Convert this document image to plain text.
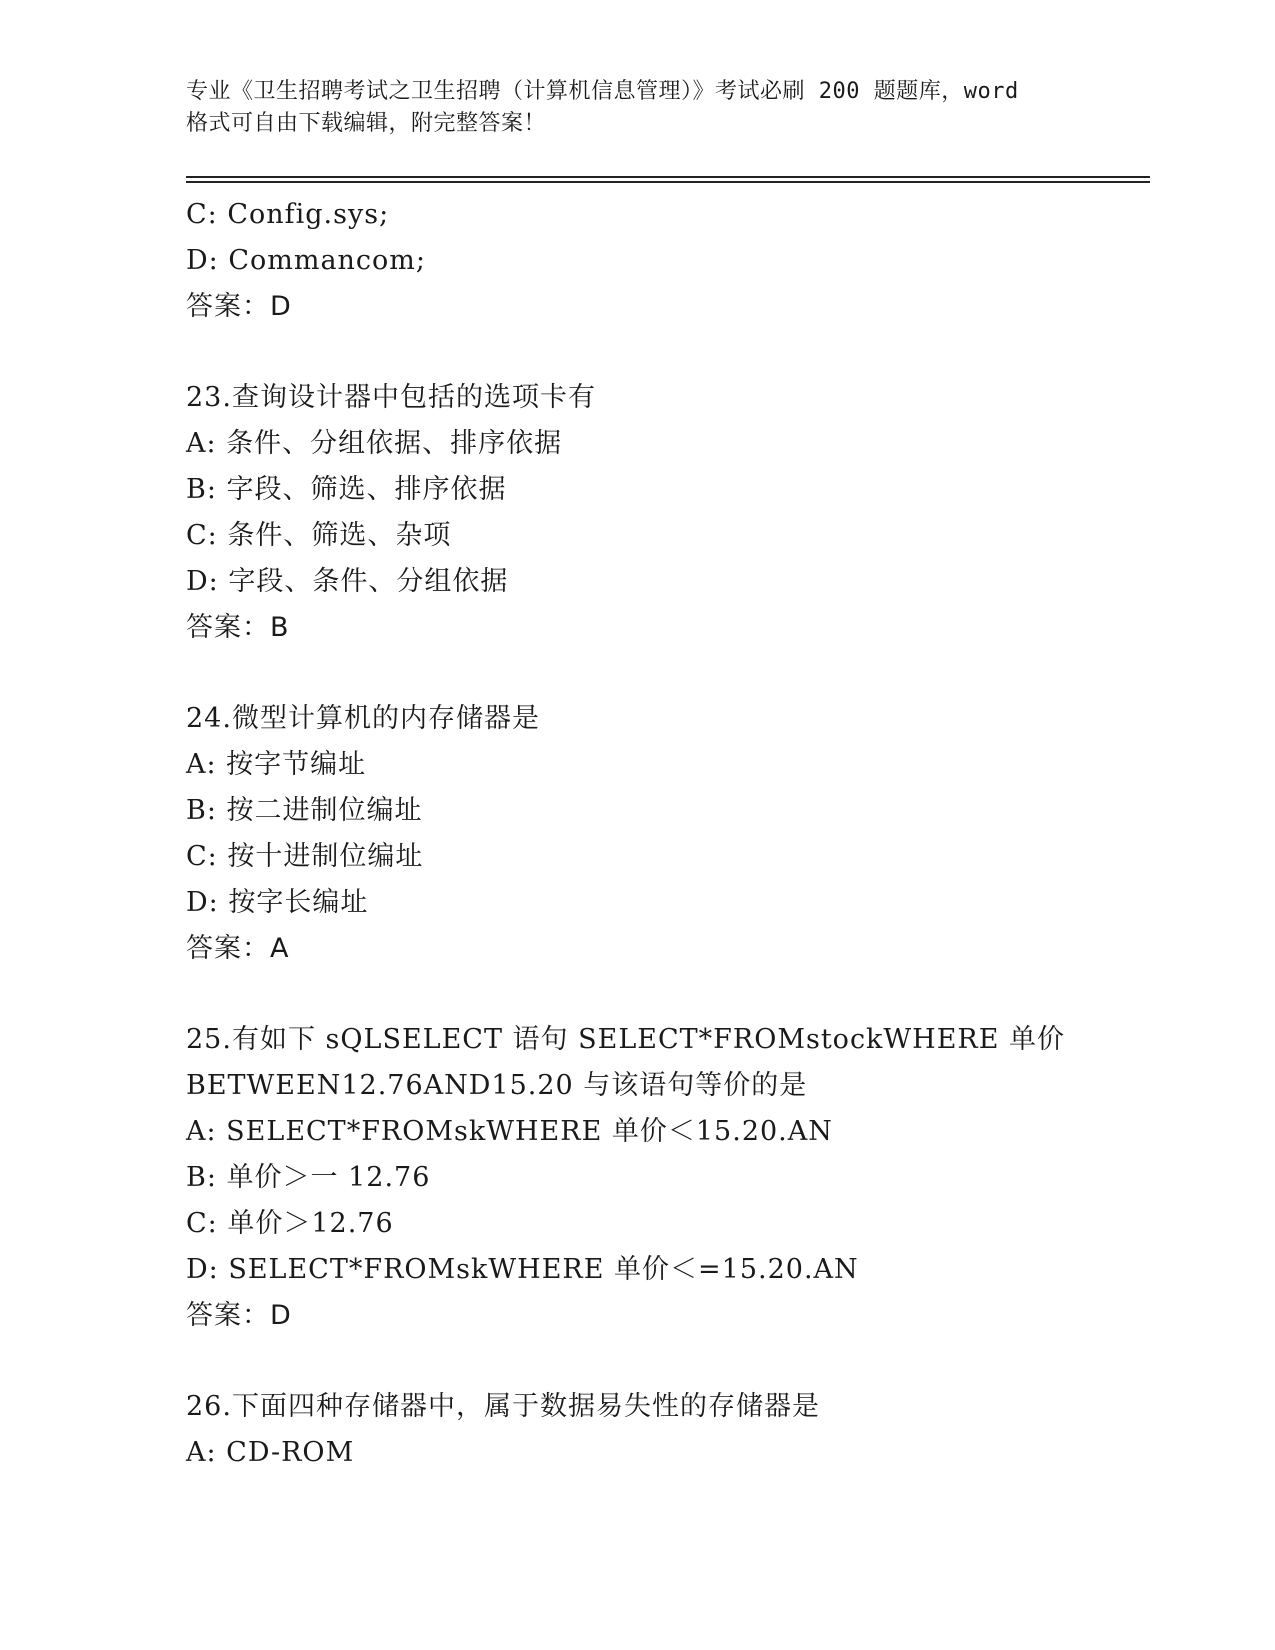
专业《卫生招聘考试之卫生招聘（计算机信息管理）》考试必刷 200 题题库，word
格式可自由下载编辑，附完整答案！
C: Config.sys;
D: Commancom;
答案：D
23.查询设计器中包括的选项卡有
A: 条件、分组依据、排序依据
B: 字段、筛选、排序依据
C: 条件、筛选、杂项
D: 字段、条件、分组依据
答案：B
24.微型计算机的内存储器是
A: 按字节编址
B: 按二进制位编址
C: 按十进制位编址
D: 按字长编址
答案：A
25.有如下 sQLSELECT 语句 SELECT*FROMstockWHERE 单价
BETWEEN12.76AND15.20 与该语句等价的是
A: SELECT*FROMskWHERE 单价＜15.20.AN
B: 单价＞一 12.76
C: 单价＞12.76
D: SELECT*FROMskWHERE 单价＜=15.20.AN
答案：D
26.下面四种存储器中，属于数据易失性的存储器是
A: CD-ROM
